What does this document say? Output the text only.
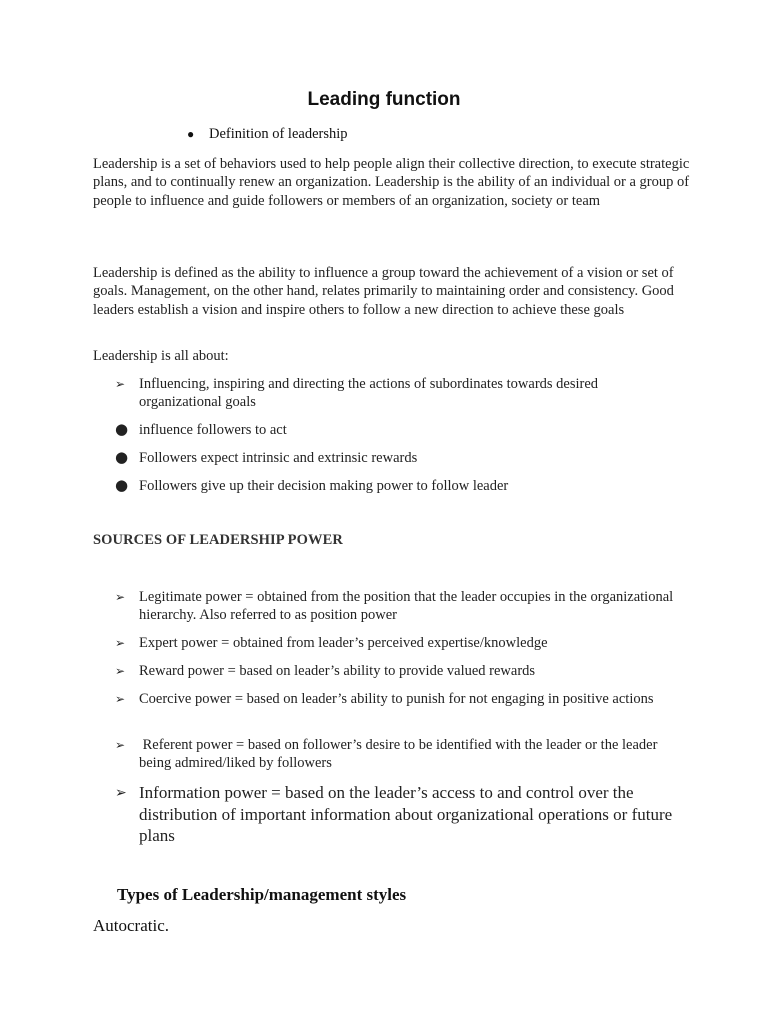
Leading function
● Definition of leadership

Leadership is a set of behaviors used to help people align their collective direction, to execute strategic plans, and to continually renew an organization. Leadership is the ability of an individual or a group of people to influence and guide followers or members of an organization, society or team

Leadership is defined as the ability to influence a group toward the achievement of a vision or set of goals. Management, on the other hand, relates primarily to maintaining order and consistency. Good leaders establish a vision and inspire others to follow a new direction to achieve these goals

Leadership is all about:

➢ Influencing, inspiring and directing the actions of subordinates towards desired organizational goals
● influence followers to act
● Followers expect intrinsic and extrinsic rewards
● Followers give up their decision making power to follow leader
SOURCES OF LEADERSHIP POWER
➢ Legitimate power = obtained from the position that the leader occupies in the organizational hierarchy. Also referred to as position power
➢ Expert power = obtained from leader’s perceived expertise/knowledge
➢ Reward power = based on leader’s ability to provide valued rewards
➢ Coercive power = based on leader’s ability to punish for not engaging in positive actions
➢ Referent power = based on follower’s desire to be identified with the leader or the leader being admired/liked by followers
➢ Information power = based on the leader’s access to and control over the distribution of important information about organizational operations or future plans
Types of Leadership/management styles
Autocratic.
